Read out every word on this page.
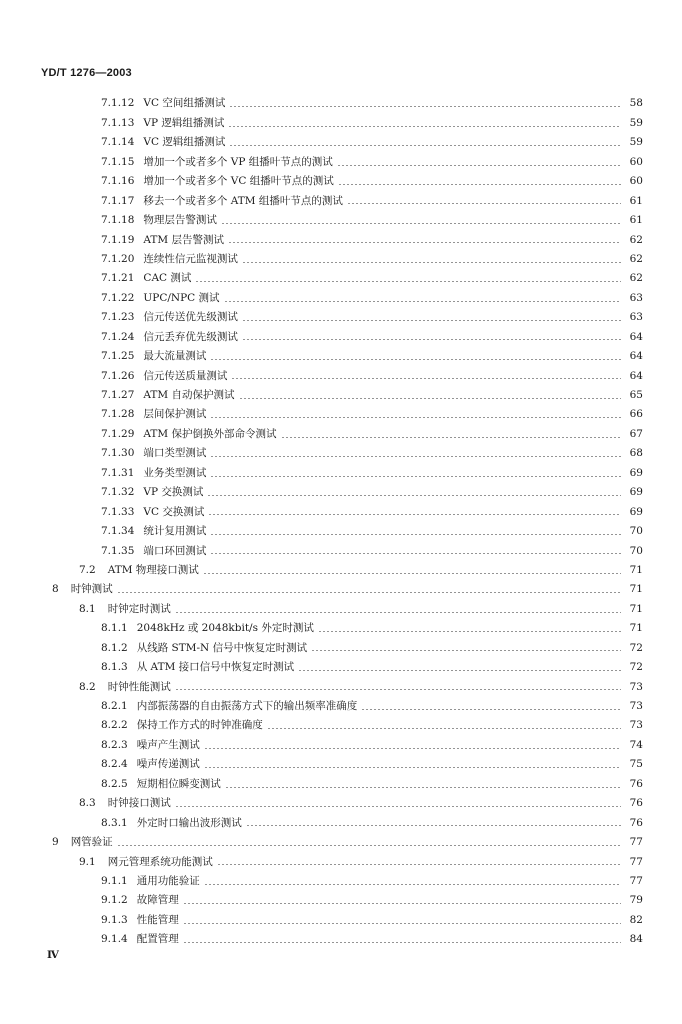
YD/T 1276—2003
7.1.12 VC 空间组播测试	58
7.1.13 VP 逻辑组播测试	59
7.1.14 VC 逻辑组播测试	59
7.1.15 增加一个或者多个 VP 组播叶节点的测试	60
7.1.16 增加一个或者多个 VC 组播叶节点的测试	60
7.1.17 移去一个或者多个 ATM 组播叶节点的测试	61
7.1.18 物理层告警测试	61
7.1.19 ATM 层告警测试	62
7.1.20 连续性信元监视测试	62
7.1.21 CAC 测试	62
7.1.22 UPC/NPC 测试	63
7.1.23 信元传送优先级测试	63
7.1.24 信元丢弃优先级测试	64
7.1.25 最大流量测试	64
7.1.26 信元传送质量测试	64
7.1.27 ATM 自动保护测试	65
7.1.28 层间保护测试	66
7.1.29 ATM 保护倒换外部命令测试	67
7.1.30 端口类型测试	68
7.1.31 业务类型测试	69
7.1.32 VP 交换测试	69
7.1.33 VC 交换测试	69
7.1.34 统计复用测试	70
7.1.35 端口环回测试	70
7.2 ATM 物理接口测试	71
8 时钟测试	71
8.1 时钟定时测试	71
8.1.1 2048kHz 或 2048kbit/s 外定时测试	71
8.1.2 从线路 STM-N 信号中恢复定时测试	72
8.1.3 从 ATM 接口信号中恢复定时测试	72
8.2 时钟性能测试	73
8.2.1 内部振荡器的自由振荡方式下的输出频率准确度	73
8.2.2 保持工作方式的时钟准确度	73
8.2.3 噪声产生测试	74
8.2.4 噪声传递测试	75
8.2.5 短期相位瞬变测试	76
8.3 时钟接口测试	76
8.3.1 外定时口输出波形测试	76
9 网管验证	77
9.1 网元管理系统功能测试	77
9.1.1 通用功能验证	77
9.1.2 故障管理	79
9.1.3 性能管理	82
9.1.4 配置管理	84
Ⅳ
